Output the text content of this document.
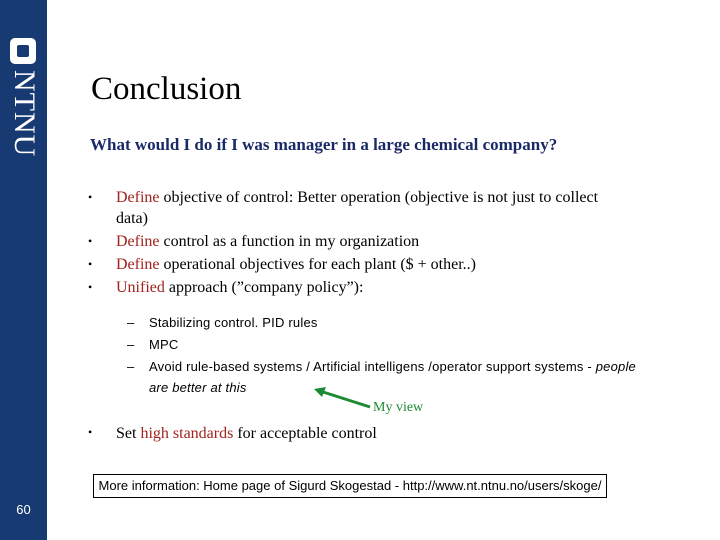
NTNU
60
Conclusion

What would I do if I was manager in a large chemical company?

•	Define objective of control: Better operation (objective is not just to collect
data)
•	Define control as a function in my organization
•	Define operational objectives for each plant ($ + other..)
•	Unified approach (”company policy”):
– Stabilizing control. PID rules
– MPC
– Avoid rule-based systems / Artificial intelligens /operator support systems - people
are better at this
My view
• Set high standards for acceptable control
More information: Home page of Sigurd Skogestad - http://www.nt.ntnu.no/users/skoge/
